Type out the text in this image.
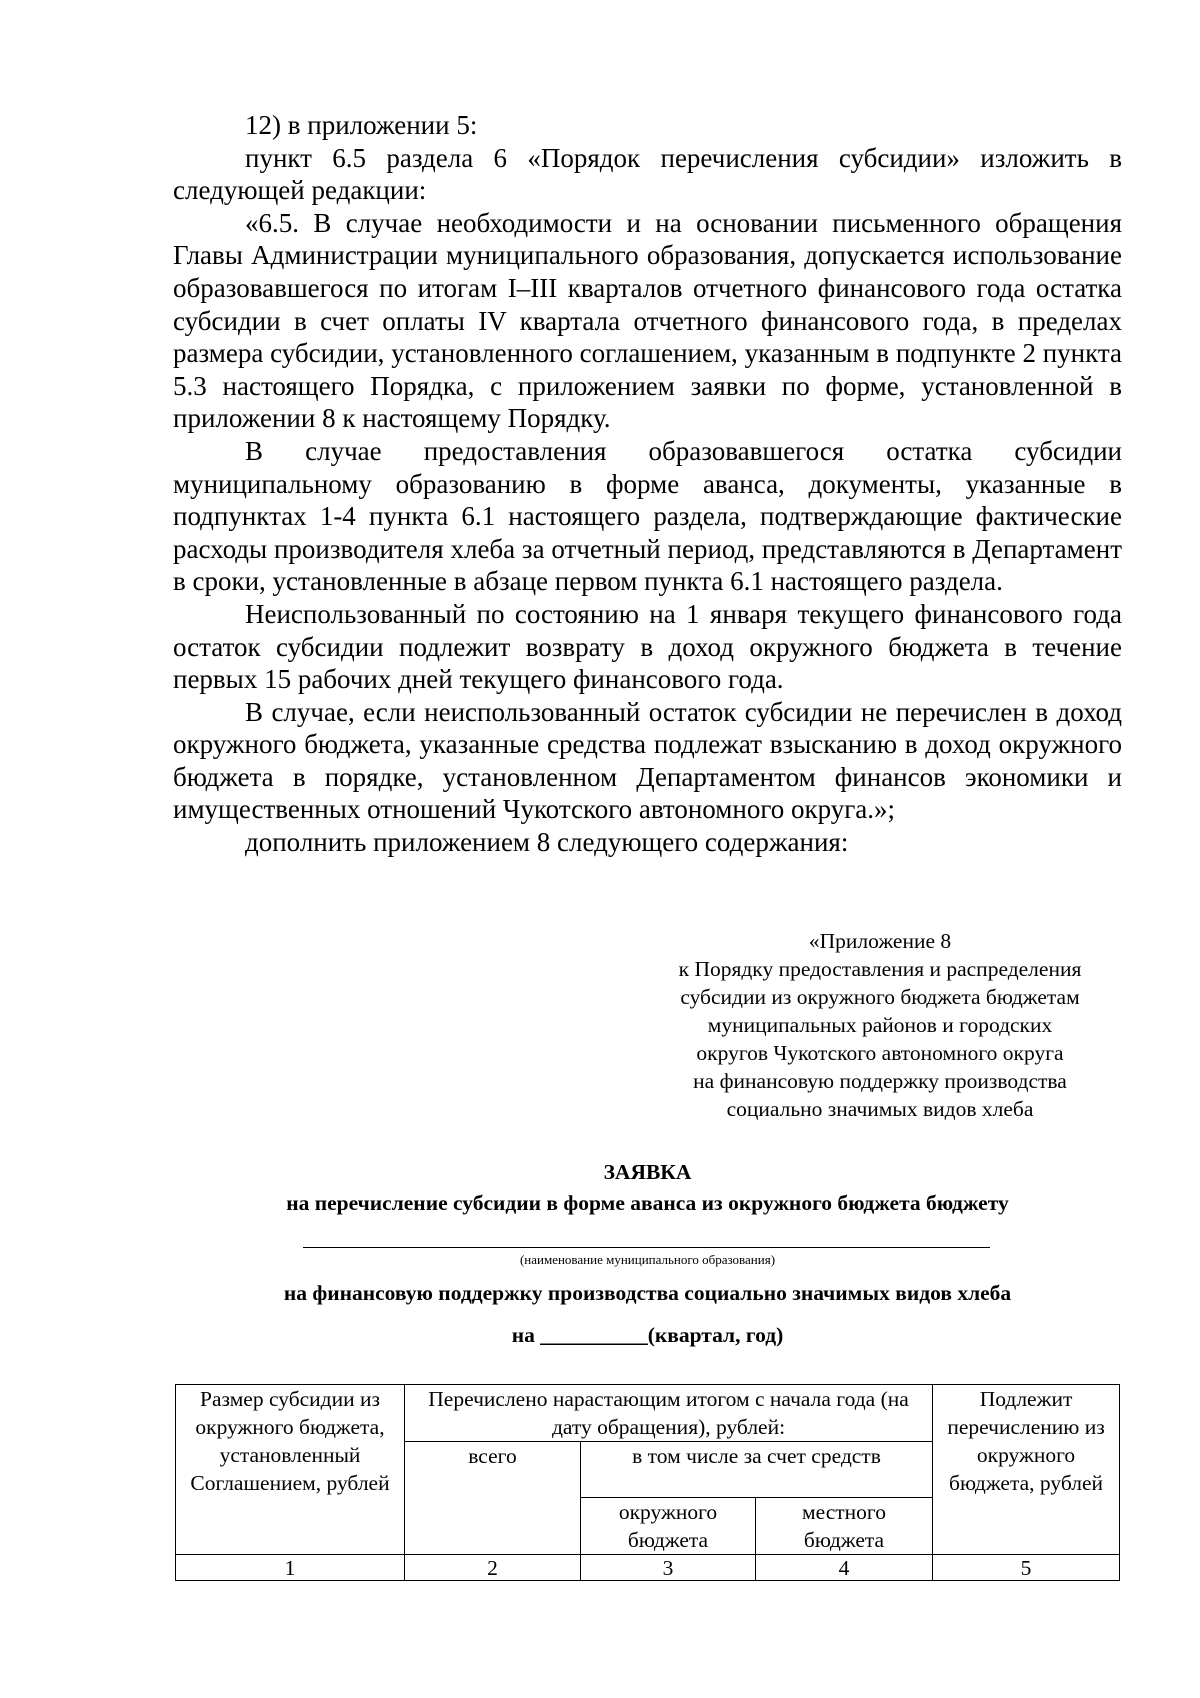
12) в приложении 5:

пункт 6.5 раздела 6 «Порядок перечисления субсидии» изложить в следующей редакции:

«6.5. В случае необходимости и на основании письменного обращения Главы Администрации муниципального образования, допускается использование образовавшегося по итогам I–III кварталов отчетного финансового года остатка субсидии в счет оплаты IV квартала отчетного финансового года, в пределах размера субсидии, установленного соглашением, указанным в подпункте 2 пункта 5.3 настоящего Порядка, с приложением заявки по форме, установленной в приложении 8 к настоящему Порядку.

В случае предоставления образовавшегося остатка субсидии муниципальному образованию в форме аванса, документы, указанные в подпунктах 1-4 пункта 6.1 настоящего раздела, подтверждающие фактические расходы производителя хлеба за отчетный период, представляются в Департамент в сроки, установленные в абзаце первом пункта 6.1 настоящего раздела.

Неиспользованный по состоянию на 1 января текущего финансового года остаток субсидии подлежит возврату в доход окружного бюджета в течение первых 15 рабочих дней текущего финансового года.

В случае, если неиспользованный остаток субсидии не перечислен в доход окружного бюджета, указанные средства подлежат взысканию в доход окружного бюджета в порядке, установленном Департаментом финансов экономики и имущественных отношений Чукотского автономного округа.»;

дополнить приложением 8 следующего содержания:

«Приложение 8
к Порядку предоставления и распределения
субсидии из окружного бюджета бюджетам
муниципальных районов и городских
округов Чукотского автономного округа
на финансовую поддержку производства
социально значимых видов хлеба
ЗАЯВКА
на перечисление субсидии в форме аванса из окружного бюджета бюджету
(наименование муниципального образования)
на финансовую поддержку производства социально значимых видов хлеба
на __________(квартал, год)
Размер субсидии из окружного бюджета, установленный Соглашением, рублей	Перечислено нарастающим итогом с начала года (на дату обращения), рублей:			Подлежит перечислению из окружного бюджета, рублей
	всего	в том числе за счет средств		
		окружного бюджета	местного бюджета	
1	2	3	4	5
